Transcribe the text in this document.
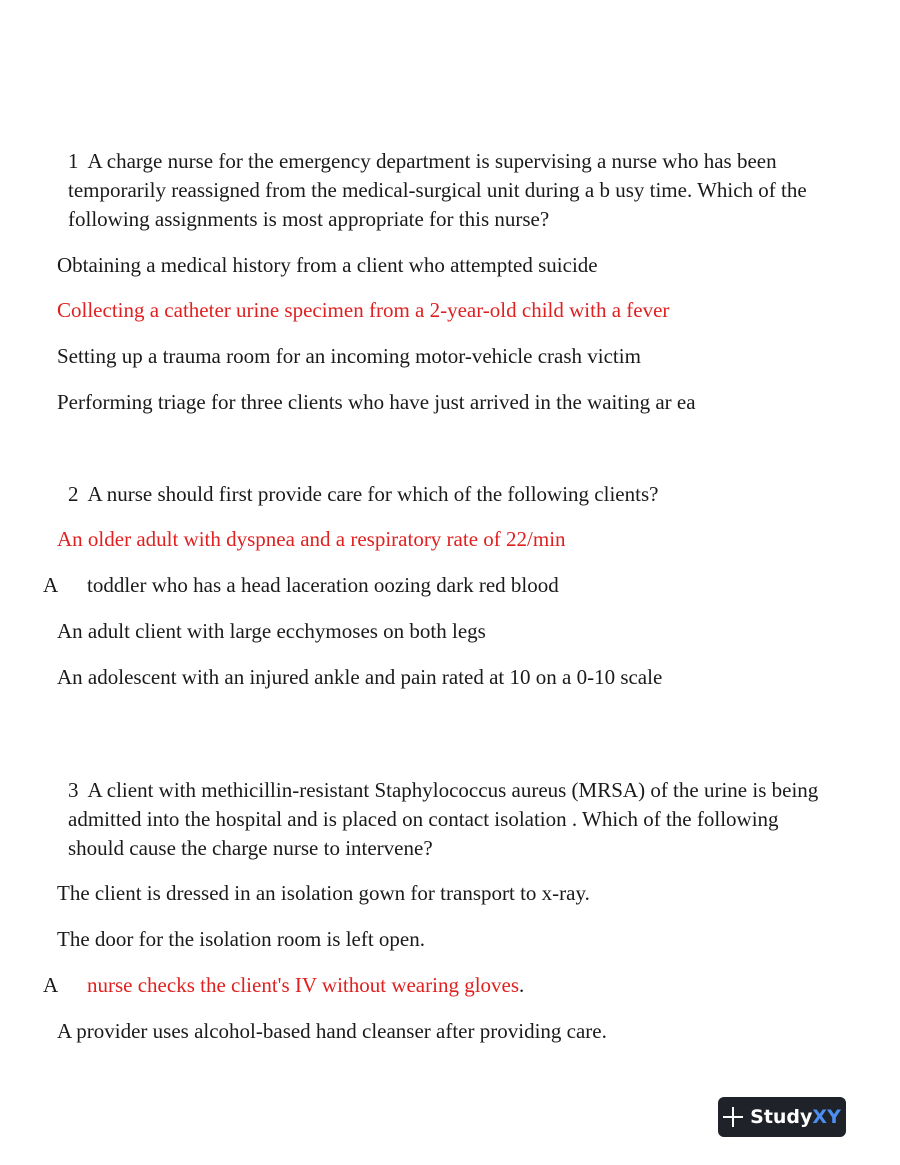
1 A charge nurse for the emergency department is supervising a nurse who has been temporarily reassigned from the medical-surgical unit during a b usy time. Which of the following assignments is most appropriate for this nurse?

Obtaining a medical history from a client who attempted suicide

Collecting a catheter urine specimen from a 2-year-old child with a fever

Setting up a trauma room for an incoming motor-vehicle crash victim

Performing triage for three clients who have just arrived in the waiting ar ea

2 A nurse should first provide care for which of the following clients?

An older adult with dyspnea and a respiratory rate of 22/min

A toddler who has a head laceration oozing dark red blood

An adult client with large ecchymoses on both legs

An adolescent with an injured ankle and pain rated at 10 on a 0-10 scale

3 A client with methicillin-resistant Staphylococcus aureus (MRSA) of the urine is being admitted into the hospital and is placed on contact isolation . Which of the following should cause the charge nurse to intervene?

The client is dressed in an isolation gown for transport to x-ray.

The door for the isolation room is left open.

A nurse checks the client's IV without wearing gloves.

A provider uses alcohol-based hand cleanser after providing care.

Study XY
